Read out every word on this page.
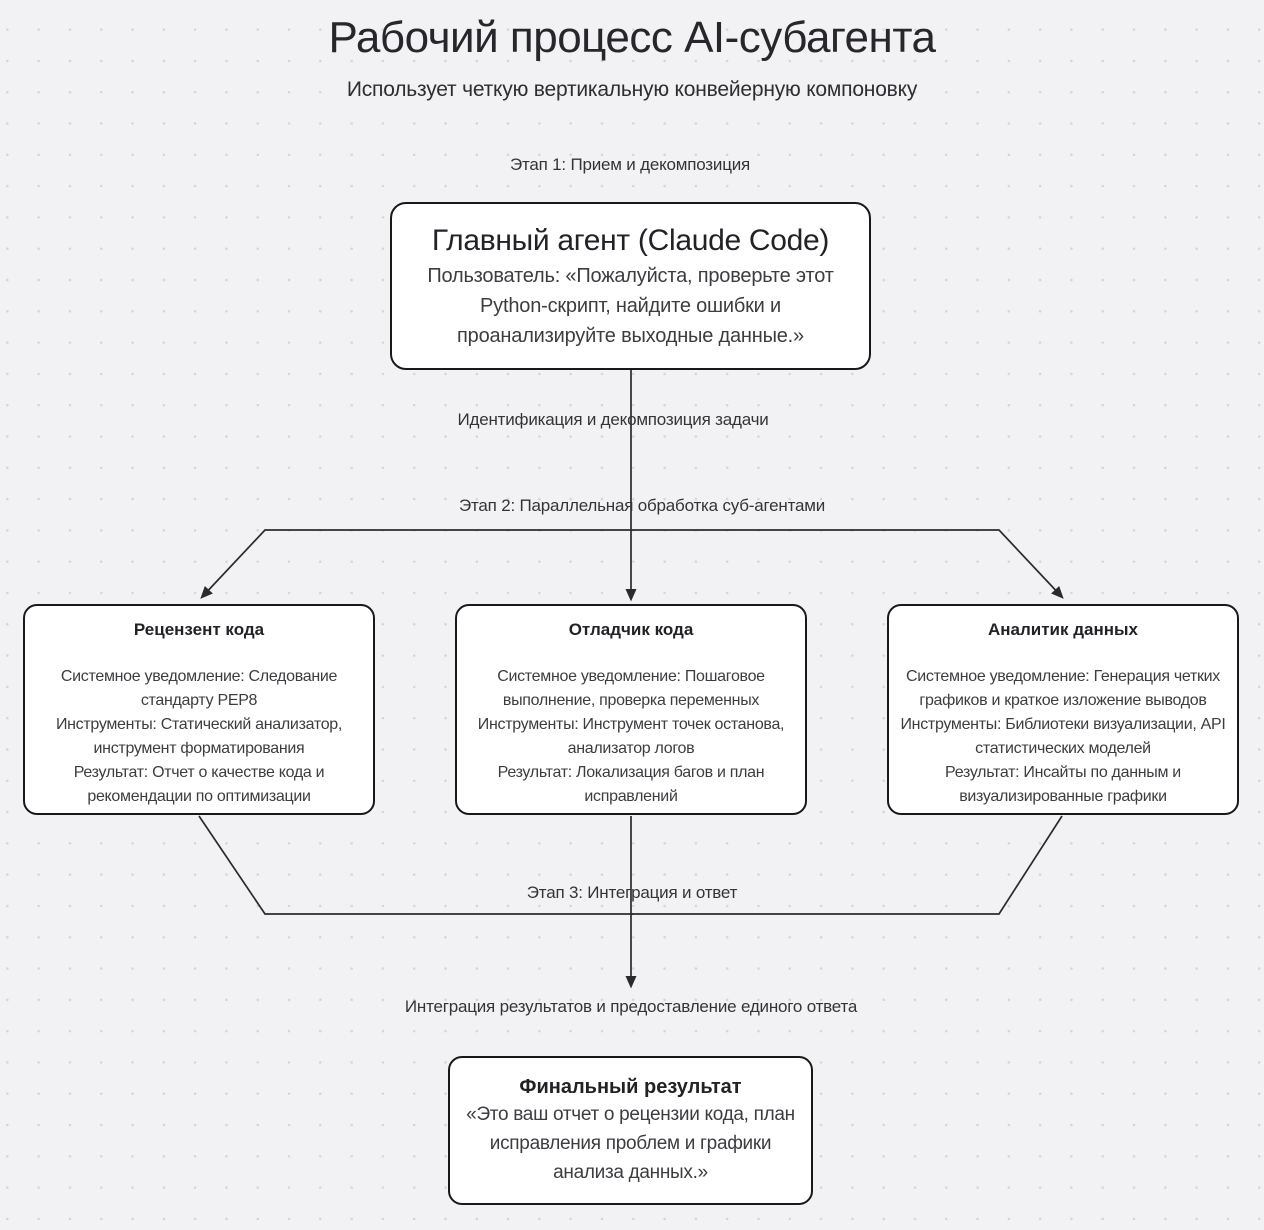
Рабочий процесс AI-субагента
Использует четкую вертикальную конвейерную компоновку
Этап 1: Прием и декомпозиция
Идентификация и декомпозиция задачи
Этап 2: Параллельная обработка суб-агентами
Этап 3: Интеграция и ответ
Интеграция результатов и предоставление единого ответа
Главный агент (Claude Code)
Пользователь: «Пожалуйста, проверьте этот Python-скрипт, найдите ошибки и проанализируйте выходные данные.»
Рецензент кода
Системное уведомление: Следование стандарту PEP8
Инструменты: Статический анализатор, инструмент форматирования
Результат: Отчет о качестве кода и рекомендации по оптимизации
Отладчик кода
Системное уведомление: Пошаговое выполнение, проверка переменных
Инструменты: Инструмент точек останова, анализатор логов
Результат: Локализация багов и план исправлений
Аналитик данных
Системное уведомление: Генерация четких графиков и краткое изложение выводов
Инструменты: Библиотеки визуализации, API статистических моделей
Результат: Инсайты по данным и визуализированные графики
Финальный результат
«Это ваш отчет о рецензии кода, план исправления проблем и графики анализа данных.»
